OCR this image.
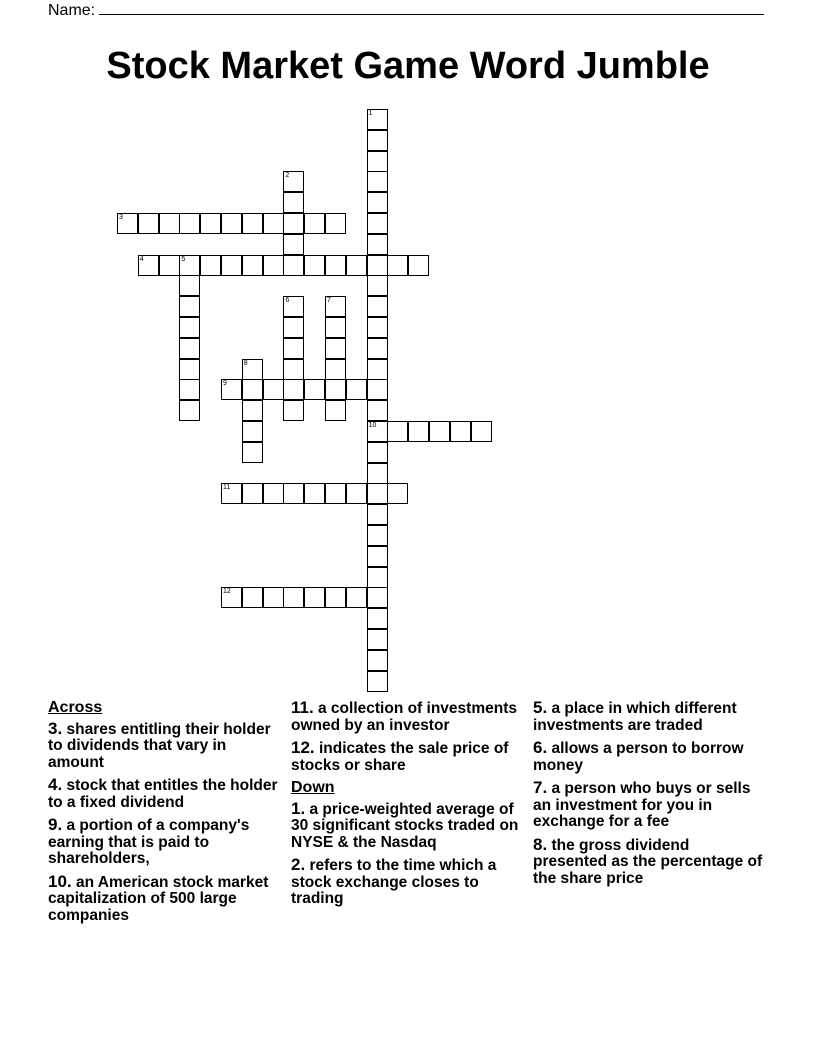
Name:
Stock Market Game Word Jumble
1
10
2
3
4	5
6	7
8
9
11
12
Across
3. shares entitling their holder to dividends that vary in amount
4. stock that entitles the holder to a fixed dividend
9. a portion of a company's earning that is paid to shareholders,
10. an American stock market capitalization of 500 large companies
11. a collection of investments owned by an investor
12. indicates the sale price of stocks or share
Down
1. a price-weighted average of 30 significant stocks traded on NYSE & the Nasdaq
2. refers to the time which a stock exchange closes to trading
5. a place in which different investments are traded
6. allows a person to borrow money
7. a person who buys or sells an investment for you in exchange for a fee
8. the gross dividend presented as the percentage of the share price
